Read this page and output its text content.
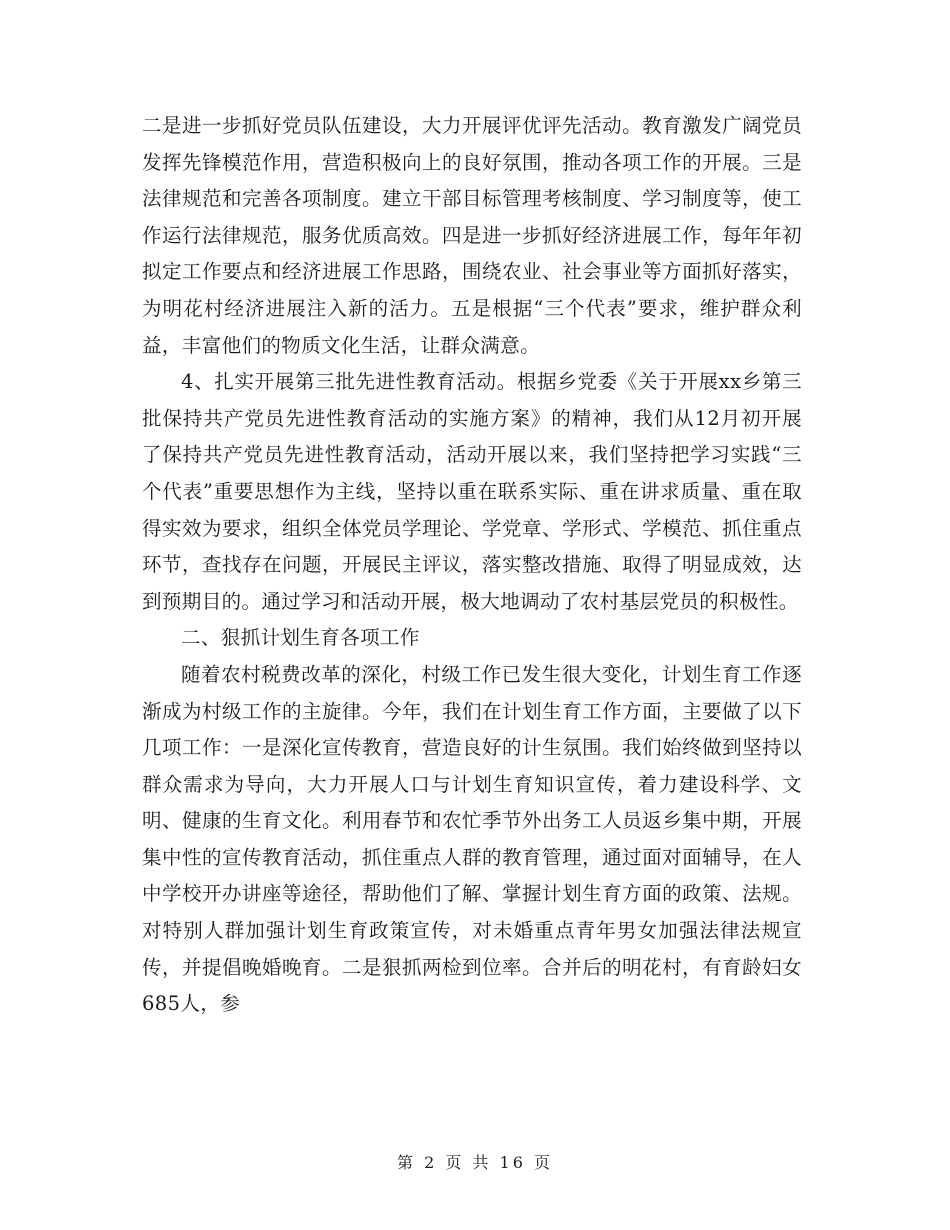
二是进一步抓好党员队伍建设，大力开展评优评先活动。教育激发广阔党员发挥先锋模范作用，营造积极向上的良好氛围，推动各项工作的开展。三是法律规范和完善各项制度。建立干部目标管理考核制度、学习制度等，使工作运行法律规范，服务优质高效。四是进一步抓好经济进展工作，每年年初拟定工作要点和经济进展工作思路，围绕农业、社会事业等方面抓好落实，为明花村经济进展注入新的活力。五是根据“三个代表”要求，维护群众利益，丰富他们的物质文化生活，让群众满意。

4、扎实开展第三批先进性教育活动。根据乡党委《关于开展xx乡第三批保持共产党员先进性教育活动的实施方案》的精神，我们从12月初开展了保持共产党员先进性教育活动，活动开展以来，我们坚持把学习实践“三个代表”重要思想作为主线，坚持以重在联系实际、重在讲求质量、重在取得实效为要求，组织全体党员学理论、学党章、学形式、学模范、抓住重点环节，查找存在问题，开展民主评议，落实整改措施、取得了明显成效，达到预期目的。通过学习和活动开展，极大地调动了农村基层党员的积极性。

二、狠抓计划生育各项工作

随着农村税费改革的深化，村级工作已发生很大变化，计划生育工作逐渐成为村级工作的主旋律。今年，我们在计划生育工作方面，主要做了以下几项工作：一是深化宣传教育，营造良好的计生氛围。我们始终做到坚持以群众需求为导向，大力开展人口与计划生育知识宣传，着力建设科学、文明、健康的生育文化。利用春节和农忙季节外出务工人员返乡集中期，开展集中性的宣传教育活动，抓住重点人群的教育管理，通过面对面辅导，在人中学校开办讲座等途径，帮助他们了解、掌握计划生育方面的政策、法规。对特别人群加强计划生育政策宣传，对未婚重点青年男女加强法律法规宣传，并提倡晚婚晚育。二是狠抓两检到位率。合并后的明花村，有育龄妇女685人，参

第 2 页 共 16 页
